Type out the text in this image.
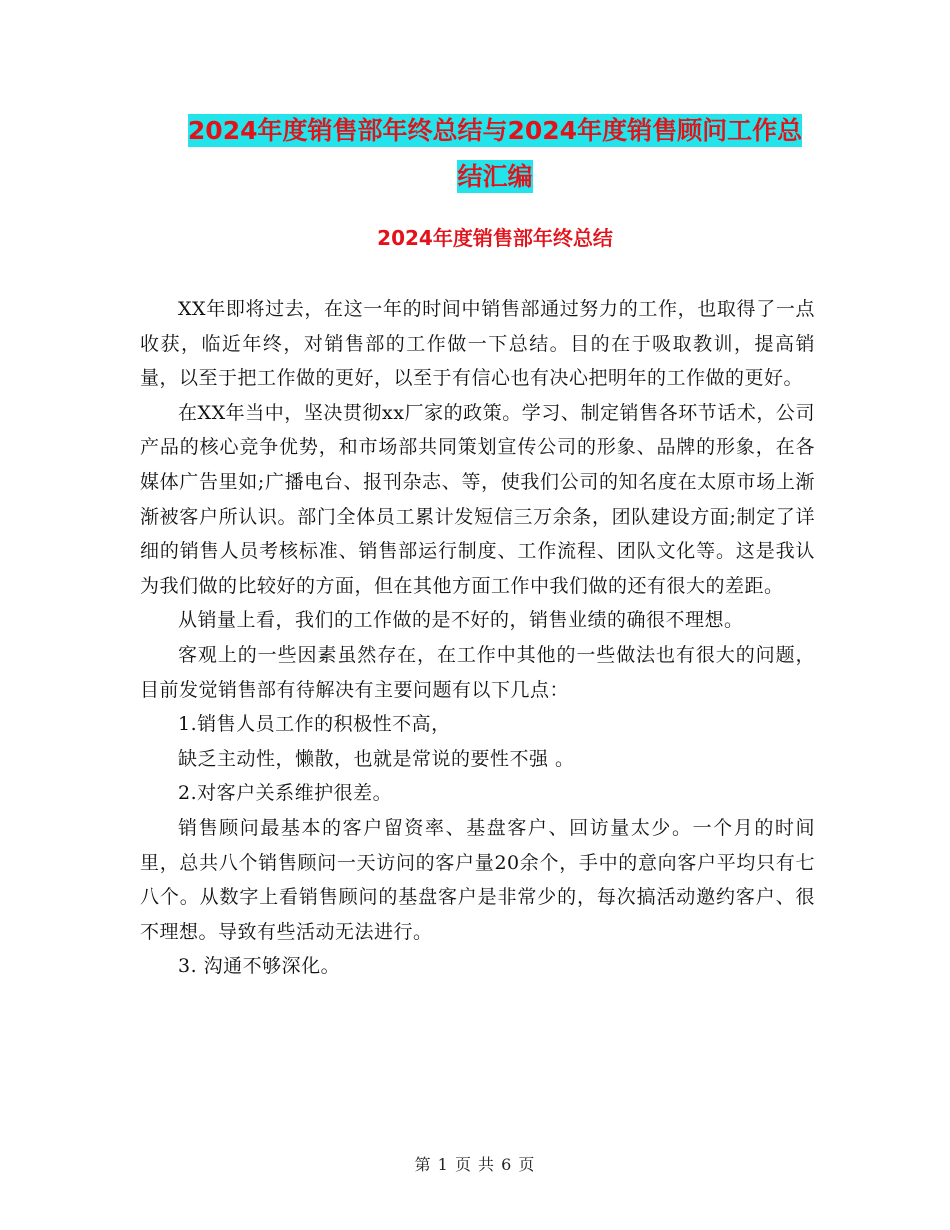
2024年度销售部年终总结与2024年度销售顾问工作总
结汇编
2024年度销售部年终总结

XX年即将过去，在这一年的时间中销售部通过努力的工作，也取得了一点收获，临近年终，对销售部的工作做一下总结。目的在于吸取教训，提高销量，以至于把工作做的更好，以至于有信心也有决心把明年的工作做的更好。

在XX年当中，坚决贯彻xx厂家的政策。学习、制定销售各环节话术，公司产品的核心竞争优势，和市场部共同策划宣传公司的形象、品牌的形象，在各媒体广告里如;广播电台、报刊杂志、等，使我们公司的知名度在太原市场上渐渐被客户所认识。部门全体员工累计发短信三万余条，团队建设方面;制定了详细的销售人员考核标准、销售部运行制度、工作流程、团队文化等。这是我认为我们做的比较好的方面，但在其他方面工作中我们做的还有很大的差距。

从销量上看，我们的工作做的是不好的，销售业绩的确很不理想。

客观上的一些因素虽然存在，在工作中其他的一些做法也有很大的问题，目前发觉销售部有待解决有主要问题有以下几点：

1.销售人员工作的积极性不高，

缺乏主动性，懒散，也就是常说的要性不强 。

2.对客户关系维护很差。

销售顾问最基本的客户留资率、基盘客户、回访量太少。一个月的时间里，总共八个销售顾问一天访问的客户量20余个，手中的意向客户平均只有七八个。从数字上看销售顾问的基盘客户是非常少的，每次搞活动邀约客户、很不理想。导致有些活动无法进行。

3. 沟通不够深化。

第 1 页 共 6 页
